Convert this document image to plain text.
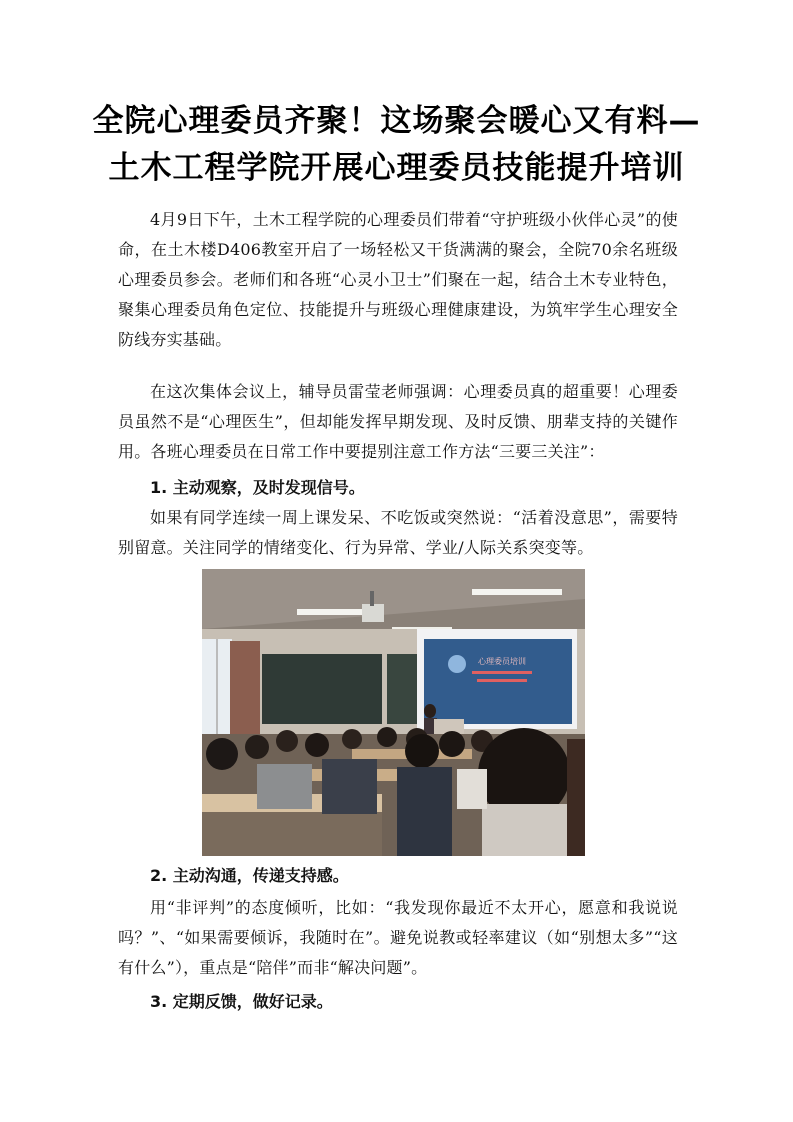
全院心理委员齐聚！这场聚会暖心又有料—
土木工程学院开展心理委员技能提升培训

4月9日下午，土木工程学院的心理委员们带着“守护班级小伙伴心灵”的使命，在土木楼D406教室开启了一场轻松又干货满满的聚会，全院70余名班级心理委员参会。老师们和各班“心灵小卫士”们聚在一起，结合土木专业特色，聚集心理委员角色定位、技能提升与班级心理健康建设，为筑牢学生心理安全防线夯实基础。

在这次集体会议上，辅导员雷莹老师强调：心理委员真的超重要！心理委员虽然不是“心理医生”，但却能发挥早期发现、及时反馈、朋辈支持的关键作用。各班心理委员在日常工作中要提别注意工作方法“三要三关注”：

1. 主动观察，及时发现信号。

如果有同学连续一周上课发呆、不吃饭或突然说：“活着没意思”，需要特别留意。关注同学的情绪变化、行为异常、学业/人际关系突变等。

心理委员培训

2. 主动沟通，传递支持感。

用“非评判”的态度倾听，比如：“我发现你最近不太开心，愿意和我说说吗？”、“如果需要倾诉，我随时在”。避免说教或轻率建议（如“别想太多”“这有什么”），重点是“陪伴”而非“解决问题”。

3. 定期反馈，做好记录。
